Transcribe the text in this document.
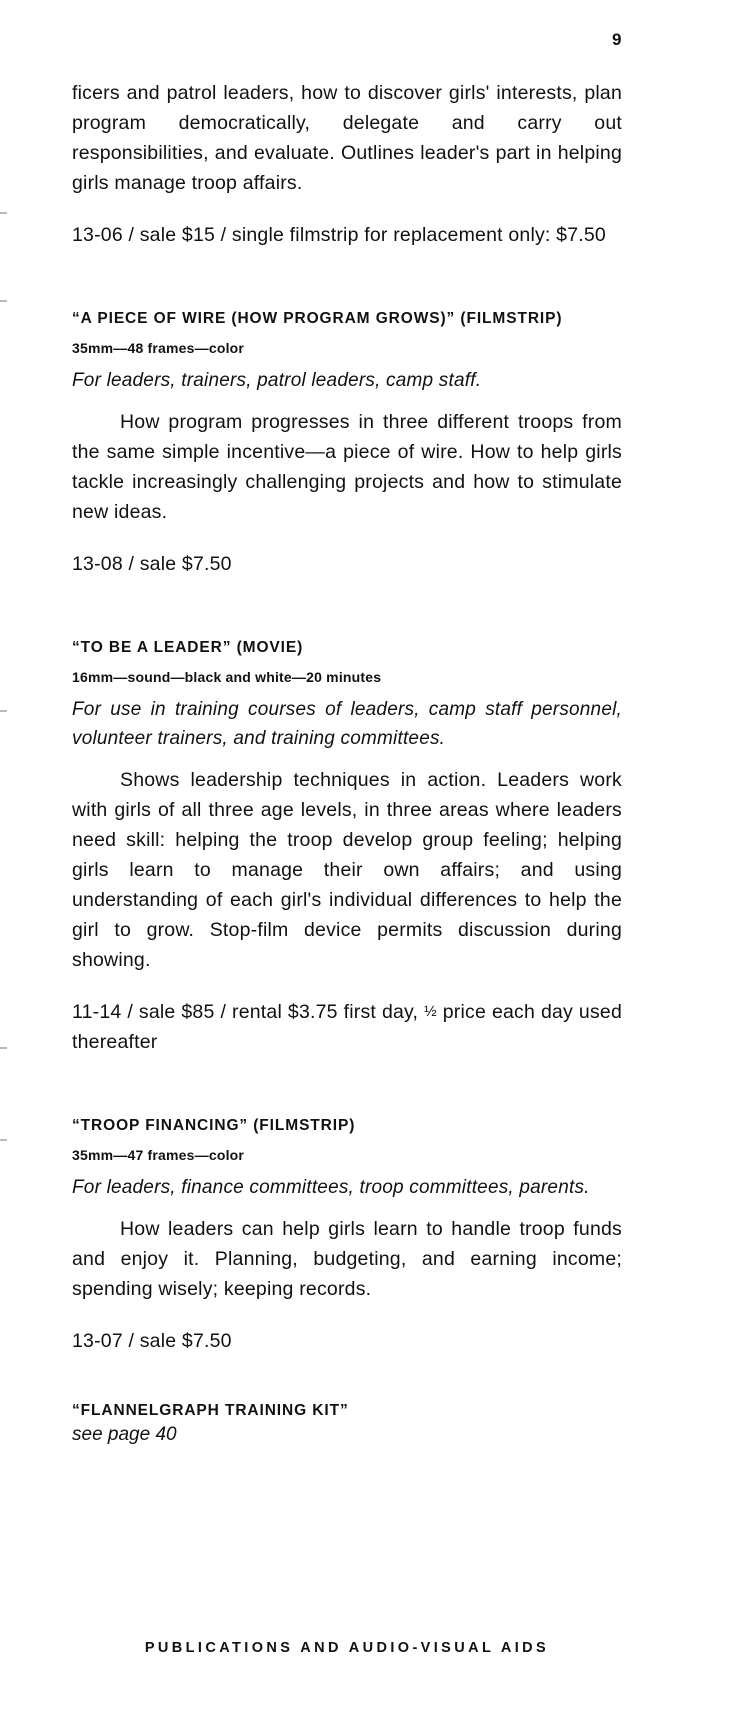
9

ficers and patrol leaders, how to discover girls' interests, plan program democratically, delegate and carry out responsibilities, and evaluate. Outlines leader's part in helping girls manage troop affairs.

13-06 / sale $15 / single filmstrip for replacement only: $7.50

“A PIECE OF WIRE (HOW PROGRAM GROWS)” (FILMSTRIP)

35mm—48 frames—color

For leaders, trainers, patrol leaders, camp staff.

How program progresses in three different troops from the same simple incentive—a piece of wire. How to help girls tackle increasingly challenging projects and how to stimulate new ideas.

13-08 / sale $7.50

“TO BE A LEADER” (MOVIE)

16mm—sound—black and white—20 minutes

For use in training courses of leaders, camp staff personnel, volunteer trainers, and training committees.

Shows leadership techniques in action. Leaders work with girls of all three age levels, in three areas where leaders need skill: helping the troop develop group feeling; helping girls learn to manage their own affairs; and using understanding of each girl's individual differences to help the girl to grow. Stop-film device permits discussion during showing.

11-14 / sale $85 / rental $3.75 first day, ½ price each day used thereafter

“TROOP FINANCING” (FILMSTRIP)

35mm—47 frames—color

For leaders, finance committees, troop committees, parents.

How leaders can help girls learn to handle troop funds and enjoy it. Planning, budgeting, and earning income; spending wisely; keeping records.

13-07 / sale $7.50

“FLANNELGRAPH TRAINING KIT”

see page 40

PUBLICATIONS AND AUDIO-VISUAL AIDS
